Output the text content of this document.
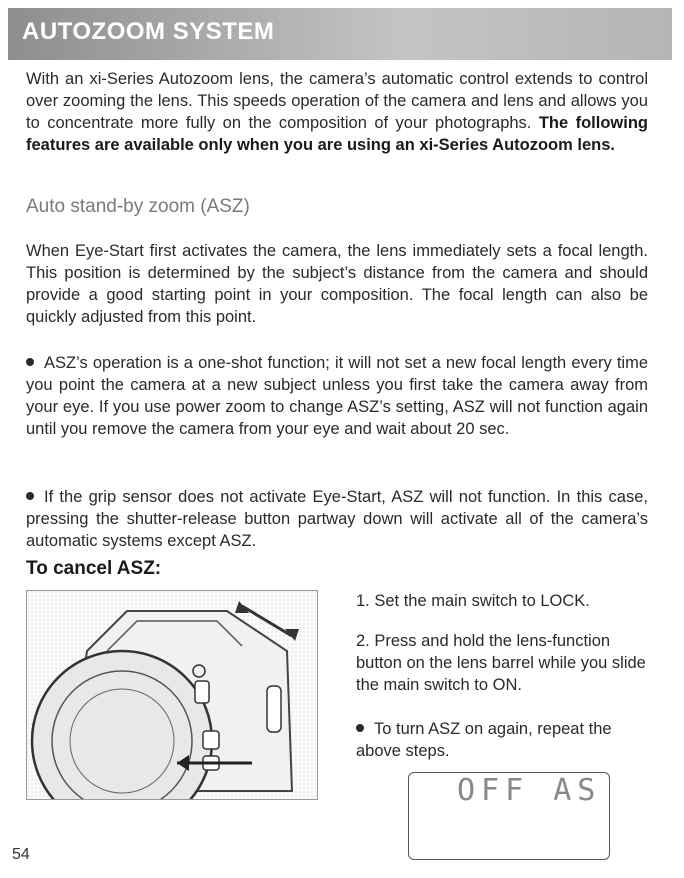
AUTOZOOM SYSTEM

With an xi-Series Autozoom lens, the camera’s automatic control extends to control over zooming the lens. This speeds operation of the camera and lens and allows you to concentrate more fully on the composition of your photographs. The following features are available only when you are using an xi-Series Autozoom lens.

Auto stand-by zoom (ASZ)

When Eye-Start first activates the camera, the lens immediately sets a focal length. This position is determined by the subject’s distance from the camera and should provide a good starting point in your composition. The focal length can also be quickly adjusted from this point.

ASZ’s operation is a one-shot function; it will not set a new focal length every time you point the camera at a new subject unless you first take the camera away from your eye. If you use power zoom to change ASZ’s setting, ASZ will not function again until you remove the camera from your eye and wait about 20 sec.

If the grip sensor does not activate Eye-Start, ASZ will not function. In this case, pressing the shutter-release button partway down will activate all of the camera’s automatic systems except ASZ.

To cancel ASZ:

1. Set the main switch to LOCK.

2. Press and hold the lens-function button on the lens barrel while you slide the main switch to ON.

To turn ASZ on again, repeat the above steps.

OFF AS
54
